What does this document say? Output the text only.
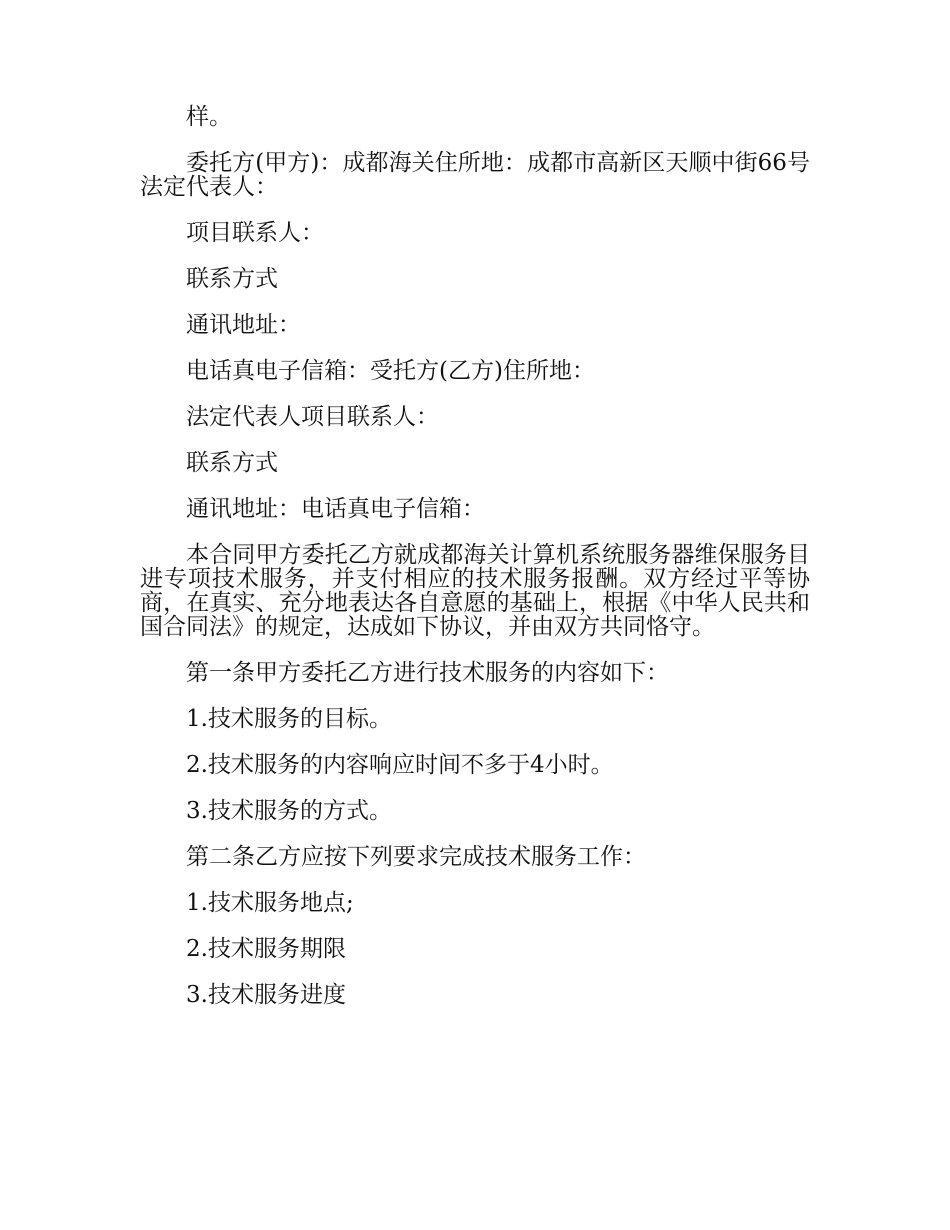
样。

委托方(甲方)：成都海关住所地：成都市高新区天顺中街66号法定代表人：

项目联系人：

联系方式

通讯地址：

电话真电子信箱：受托方(乙方)住所地：

法定代表人项目联系人：

联系方式

通讯地址：电话真电子信箱：

本合同甲方委托乙方就成都海关计算机系统服务器维保服务目进专项技术服务，并支付相应的技术服务报酬。双方经过平等协商，在真实、充分地表达各自意愿的基础上，根据《中华人民共和国合同法》的规定，达成如下协议，并由双方共同恪守。

第一条甲方委托乙方进行技术服务的内容如下：

1.技术服务的目标。

2.技术服务的内容响应时间不多于4小时。

3.技术服务的方式。

第二条乙方应按下列要求完成技术服务工作：

1.技术服务地点;

2.技术服务期限

3.技术服务进度
